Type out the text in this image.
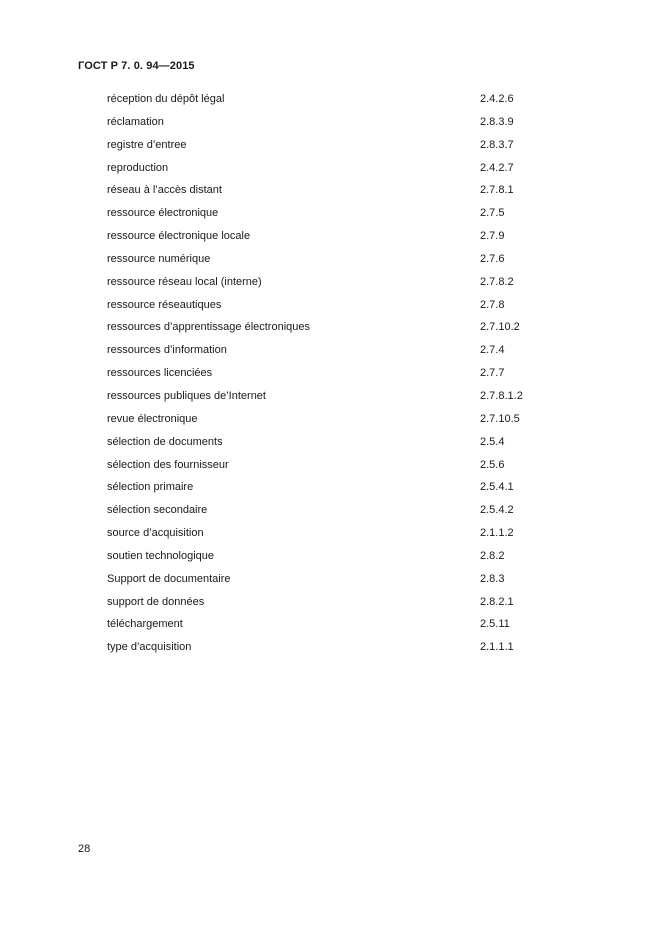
ГОСТ Р 7. 0. 94—2015
réception du dépôt légal	2.4.2.6
réclamation	2.8.3.9
registre d’entree	2.8.3.7
reproduction	2.4.2.7
réseau à l’accès distant	2.7.8.1
ressource électronique	2.7.5
ressource électronique locale	2.7.9
ressource numérique	2.7.6
ressource réseau local (interne)	2.7.8.2
ressource réseautiques	2.7.8
ressources d’apprentissage électroniques	2.7.10.2
ressources d’information	2.7.4
ressources licenciées	2.7.7
ressources publiques de’Internet	2.7.8.1.2
revue électronique	2.7.10.5
sélection de documents	2.5.4
sélection des fournisseur	2.5.6
sélection primaire	2.5.4.1
sélection secondaire	2.5.4.2
source d’acquisition	2.1.1.2
soutien technologique	2.8.2
Support de documentaire	2.8.3
support de données	2.8.2.1
téléchargement	2.5.11
type d’acquisition	2.1.1.1
28
